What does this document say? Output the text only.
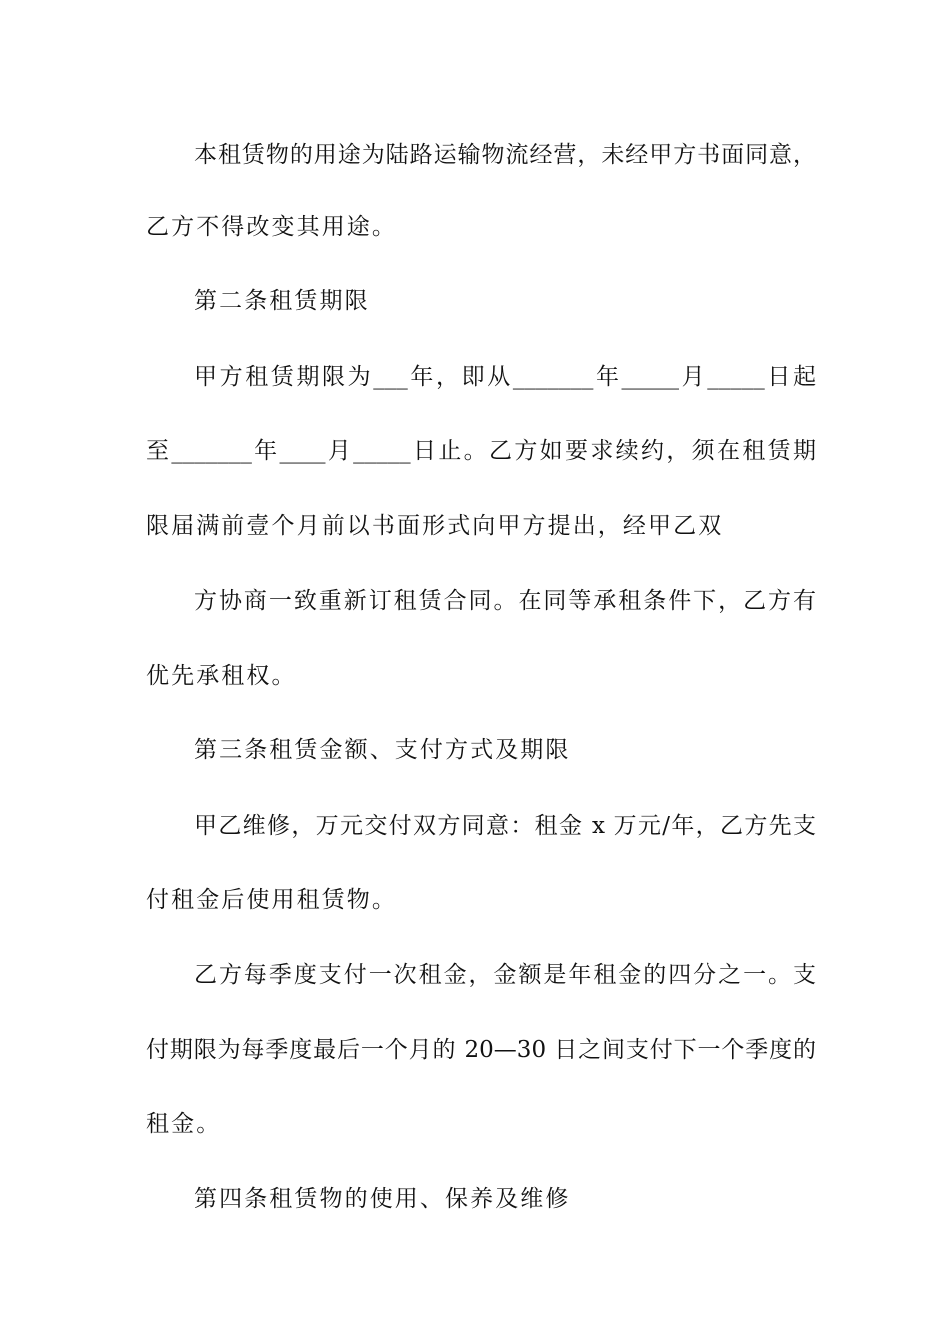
本租赁物的用途为陆路运输物流经营，未经甲方书面同意，
乙方不得改变其用途。
第二条租赁期限
甲方租赁期限为___年，即从_______年_____月_____日起
至_______年____月_____日止。乙方如要求续约，须在租赁期
限届满前壹个月前以书面形式向甲方提出，经甲乙双
方协商一致重新订租赁合同。在同等承租条件下，乙方有
优先承租权。
第三条租赁金额、支付方式及期限
甲乙维修，万元交付双方同意：租金 x 万元/年，乙方先支
付租金后使用租赁物。
乙方每季度支付一次租金，金额是年租金的四分之一。支
付期限为每季度最后一个月的 20—30 日之间支付下一个季度的
租金。
第四条租赁物的使用、保养及维修
